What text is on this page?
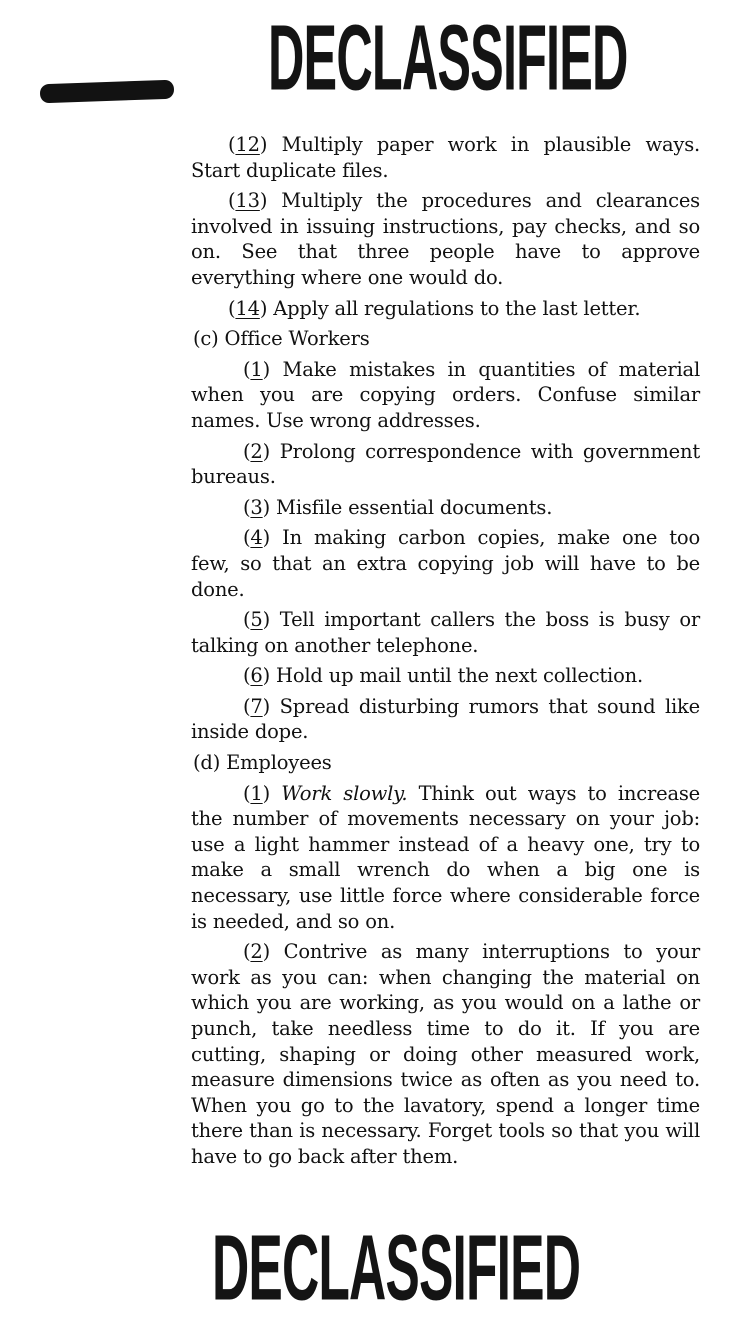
DECLASSIFIED

(12) Multiply paper work in plausible ways. Start duplicate files.

(13) Multiply the procedures and clearances involved in issuing instructions, pay checks, and so on. See that three people have to approve everything where one would do.

(14) Apply all regulations to the last letter.

(c) Office Workers

(1) Make mistakes in quantities of material when you are copying orders. Confuse similar names. Use wrong addresses.

(2) Prolong correspondence with government bureaus.

(3) Misfile essential documents.

(4) In making carbon copies, make one too few, so that an extra copying job will have to be done.

(5) Tell important callers the boss is busy or talking on another telephone.

(6) Hold up mail until the next collection.

(7) Spread disturbing rumors that sound like inside dope.

(d) Employees

(1) Work slowly. Think out ways to increase the number of movements necessary on your job: use a light hammer instead of a heavy one, try to make a small wrench do when a big one is necessary, use little force where considerable force is needed, and so on.

(2) Contrive as many interruptions to your work as you can: when changing the material on which you are working, as you would on a lathe or punch, take needless time to do it. If you are cutting, shaping or doing other measured work, measure dimensions twice as often as you need to. When you go to the lavatory, spend a longer time there than is necessary. Forget tools so that you will have to go back after them.

DECLASSIFIED
